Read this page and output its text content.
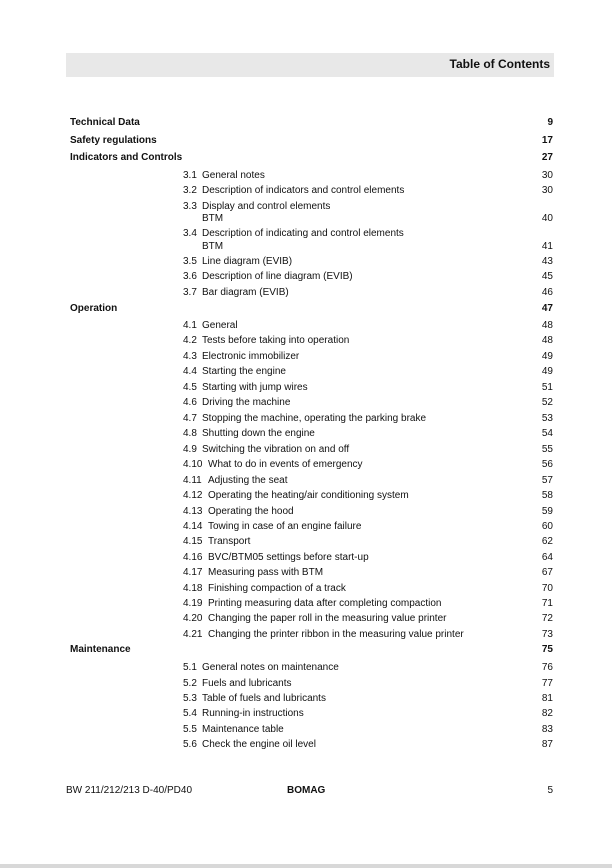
Table of Contents
Technical Data	9
Safety regulations	17
Indicators and Controls	27
3.1 General notes	30
3.2 Description of indicators and control elements	30
3.3 Display and control elements
BTM	40
3.4 Description of indicating and control elements
BTM	41
3.5 Line diagram (EVIB)	43
3.6 Description of line diagram (EVIB)	45
3.7 Bar diagram (EVIB)	46
Operation	47
4.1 General	48
4.2 Tests before taking into operation	48
4.3 Electronic immobilizer	49
4.4 Starting the engine	49
4.5 Starting with jump wires	51
4.6 Driving the machine	52
4.7 Stopping the machine, operating the parking brake	53
4.8 Shutting down the engine	54
4.9 Switching the vibration on and off	55
4.10 What to do in events of emergency	56
4.11 Adjusting the seat	57
4.12 Operating the heating/air conditioning system	58
4.13 Operating the hood	59
4.14 Towing in case of an engine failure	60
4.15 Transport	62
4.16 BVC/BTM05 settings before start-up	64
4.17 Measuring pass with BTM	67
4.18 Finishing compaction of a track	70
4.19 Printing measuring data after completing compaction	71
4.20 Changing the paper roll in the measuring value printer	72
4.21 Changing the printer ribbon in the measuring value printer	73
Maintenance	75
5.1 General notes on maintenance	76
5.2 Fuels and lubricants	77
5.3 Table of fuels and lubricants	81
5.4 Running-in instructions	82
5.5 Maintenance table	83
5.6 Check the engine oil level	87
BW 211/212/213 D-40/PD40	BOMAG	5
